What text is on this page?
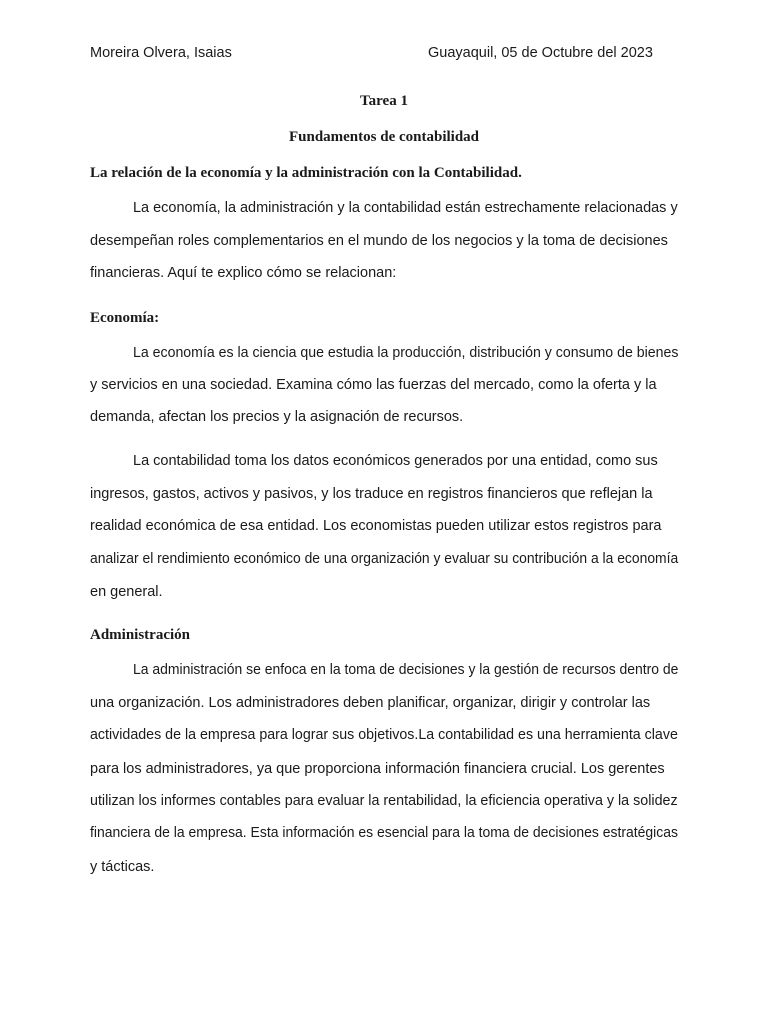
Moreira Olvera, Isaias	Guayaquil, 05 de Octubre del 2023

Tarea 1

Fundamentos de contabilidad

La relación de la economía y la administración con la Contabilidad.

La economía, la administración y la contabilidad están estrechamente relacionadas y

desempeñan roles complementarios en el mundo de los negocios y la toma de decisiones

financieras. Aquí te explico cómo se relacionan:

Economía:

La economía es la ciencia que estudia la producción, distribución y consumo de bienes

y servicios en una sociedad. Examina cómo las fuerzas del mercado, como la oferta y la

demanda, afectan los precios y la asignación de recursos.

La contabilidad toma los datos económicos generados por una entidad, como sus

ingresos, gastos, activos y pasivos, y los traduce en registros financieros que reflejan la

realidad económica de esa entidad. Los economistas pueden utilizar estos registros para

analizar el rendimiento económico de una organización y evaluar su contribución a la economía

en general.

Administración

La administración se enfoca en la toma de decisiones y la gestión de recursos dentro de

una organización. Los administradores deben planificar, organizar, dirigir y controlar las

actividades de la empresa para lograr sus objetivos.La contabilidad es una herramienta clave

para los administradores, ya que proporciona información financiera crucial. Los gerentes

utilizan los informes contables para evaluar la rentabilidad, la eficiencia operativa y la solidez

financiera de la empresa. Esta información es esencial para la toma de decisiones estratégicas

y tácticas.
